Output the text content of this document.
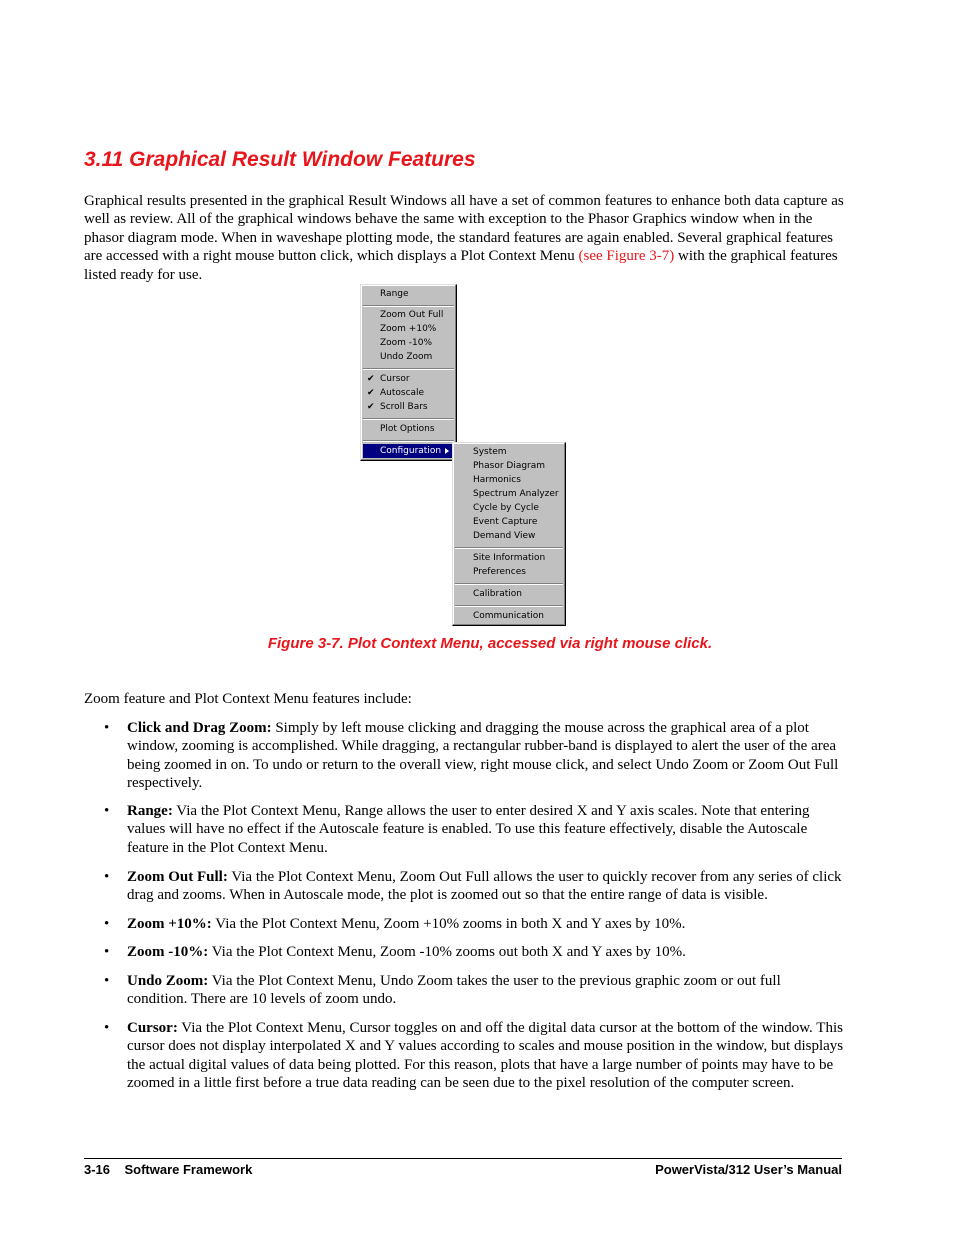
3.11 Graphical Result Window Features

Graphical results presented in the graphical Result Windows all have a set of common features to enhance both data capture as well as review. All of the graphical windows behave the same with exception to the Phasor Graphics window when in the phasor diagram mode. When in waveshape plotting mode, the standard features are again enabled. Several graphical features are accessed with a right mouse button click, which displays a Plot Context Menu (see Figure 3-7) with the graphical features listed ready for use.

Range
Zoom Out Full
Zoom +10%
Zoom -10%
Undo Zoom
✔ Cursor
✔ Autoscale
✔ Scroll Bars
Plot Options
Configuration	System
Phasor Diagram
Harmonics
Spectrum Analyzer
Cycle by Cycle
Event Capture
Demand View
Site Information
Preferences
Calibration
Communication
Figure 3-7. Plot Context Menu, accessed via right mouse click.

Zoom feature and Plot Context Menu features include:

• Click and Drag Zoom: Simply by left mouse clicking and dragging the mouse across the graphical area of a plot window, zooming is accomplished. While dragging, a rectangular rubber-band is displayed to alert the user of the area being zoomed in on. To undo or return to the overall view, right mouse click, and select Undo Zoom or Zoom Out Full respectively.
• Range: Via the Plot Context Menu, Range allows the user to enter desired X and Y axis scales. Note that entering values will have no effect if the Autoscale feature is enabled. To use this feature effectively, disable the Autoscale feature in the Plot Context Menu.
• Zoom Out Full: Via the Plot Context Menu, Zoom Out Full allows the user to quickly recover from any series of click drag and zooms. When in Autoscale mode, the plot is zoomed out so that the entire range of data is visible.
• Zoom +10%: Via the Plot Context Menu, Zoom +10% zooms in both X and Y axes by 10%.
• Zoom -10%: Via the Plot Context Menu, Zoom -10% zooms out both X and Y axes by 10%.
• Undo Zoom: Via the Plot Context Menu, Undo Zoom takes the user to the previous graphic zoom or out full condition. There are 10 levels of zoom undo.
• Cursor: Via the Plot Context Menu, Cursor toggles on and off the digital data cursor at the bottom of the window. This cursor does not display interpolated X and Y values according to scales and mouse position in the window, but displays the actual digital values of data being plotted. For this reason, plots that have a large number of points may have to be zoomed in a little first before a true data reading can be seen due to the pixel resolution of the computer screen.
3-16    Software Framework	PowerVista/312 User’s Manual
